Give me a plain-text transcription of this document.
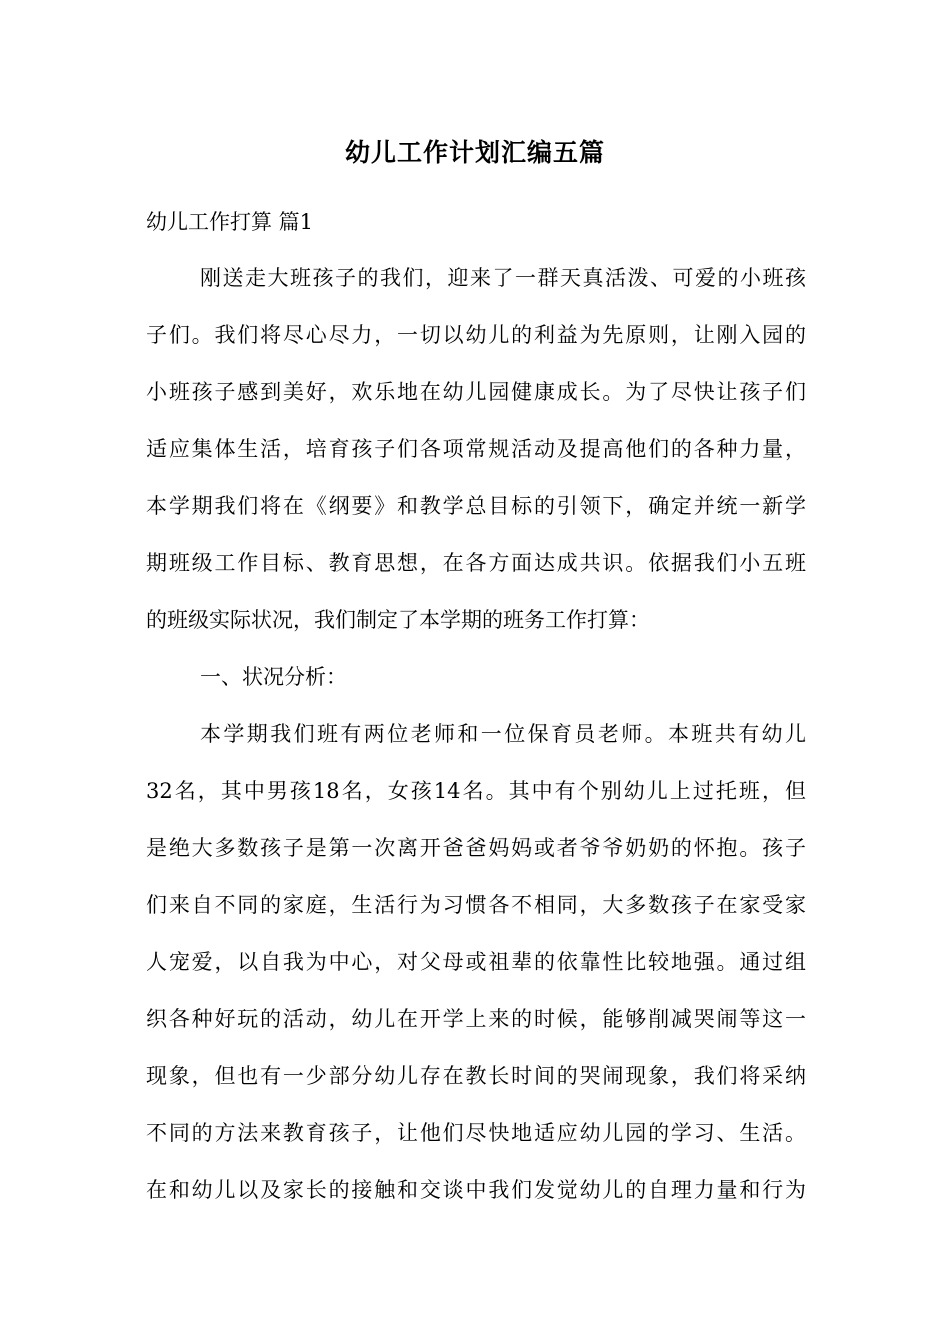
幼儿工作计划汇编五篇
幼儿工作打算 篇1
刚送走大班孩子的我们，迎来了一群天真活泼、可爱的小班孩
子们。我们将尽心尽力，一切以幼儿的利益为先原则，让刚入园的
小班孩子感到美好，欢乐地在幼儿园健康成长。为了尽快让孩子们
适应集体生活，培育孩子们各项常规活动及提高他们的各种力量，
本学期我们将在《纲要》和教学总目标的引领下，确定并统一新学
期班级工作目标、教育思想，在各方面达成共识。依据我们小五班
的班级实际状况，我们制定了本学期的班务工作打算：
一、状况分析：
本学期我们班有两位老师和一位保育员老师。本班共有幼儿
32名，其中男孩18名，女孩14名。其中有个别幼儿上过托班，但
是绝大多数孩子是第一次离开爸爸妈妈或者爷爷奶奶的怀抱。孩子
们来自不同的家庭，生活行为习惯各不相同，大多数孩子在家受家
人宠爱，以自我为中心，对父母或祖辈的依靠性比较地强。通过组
织各种好玩的活动，幼儿在开学上来的时候，能够削减哭闹等这一
现象，但也有一少部分幼儿存在教长时间的哭闹现象，我们将采纳
不同的方法来教育孩子，让他们尽快地适应幼儿园的学习、生活。
在和幼儿以及家长的接触和交谈中我们发觉幼儿的自理力量和行为
